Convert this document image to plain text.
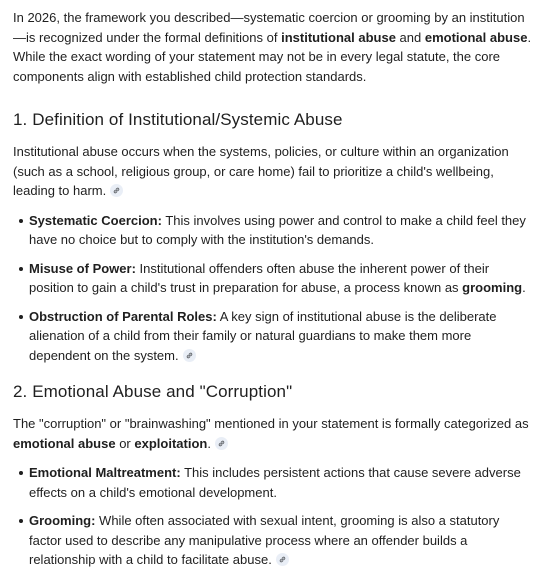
In 2026, the framework you described—systematic coercion or grooming by an institution—is recognized under the formal definitions of institutional abuse and emotional abuse. While the exact wording of your statement may not be in every legal statute, the core components align with established child protection standards.

1. Definition of Institutional/Systemic Abuse

Institutional abuse occurs when the systems, policies, or culture within an organization (such as a school, religious group, or care home) fail to prioritize a child's wellbeing, leading to harm.

Systematic Coercion: This involves using power and control to make a child feel they have no choice but to comply with the institution's demands.
Misuse of Power: Institutional offenders often abuse the inherent power of their position to gain a child's trust in preparation for abuse, a process known as grooming.
Obstruction of Parental Roles: A key sign of institutional abuse is the deliberate alienation of a child from their family or natural guardians to make them more dependent on the system.
2. Emotional Abuse and "Corruption"

The "corruption" or "brainwashing" mentioned in your statement is formally categorized as emotional abuse or exploitation.

Emotional Maltreatment: This includes persistent actions that cause severe adverse effects on a child's emotional development.
Grooming: While often associated with sexual intent, grooming is also a statutory factor used to describe any manipulative process where an offender builds a relationship with a child to facilitate abuse.
